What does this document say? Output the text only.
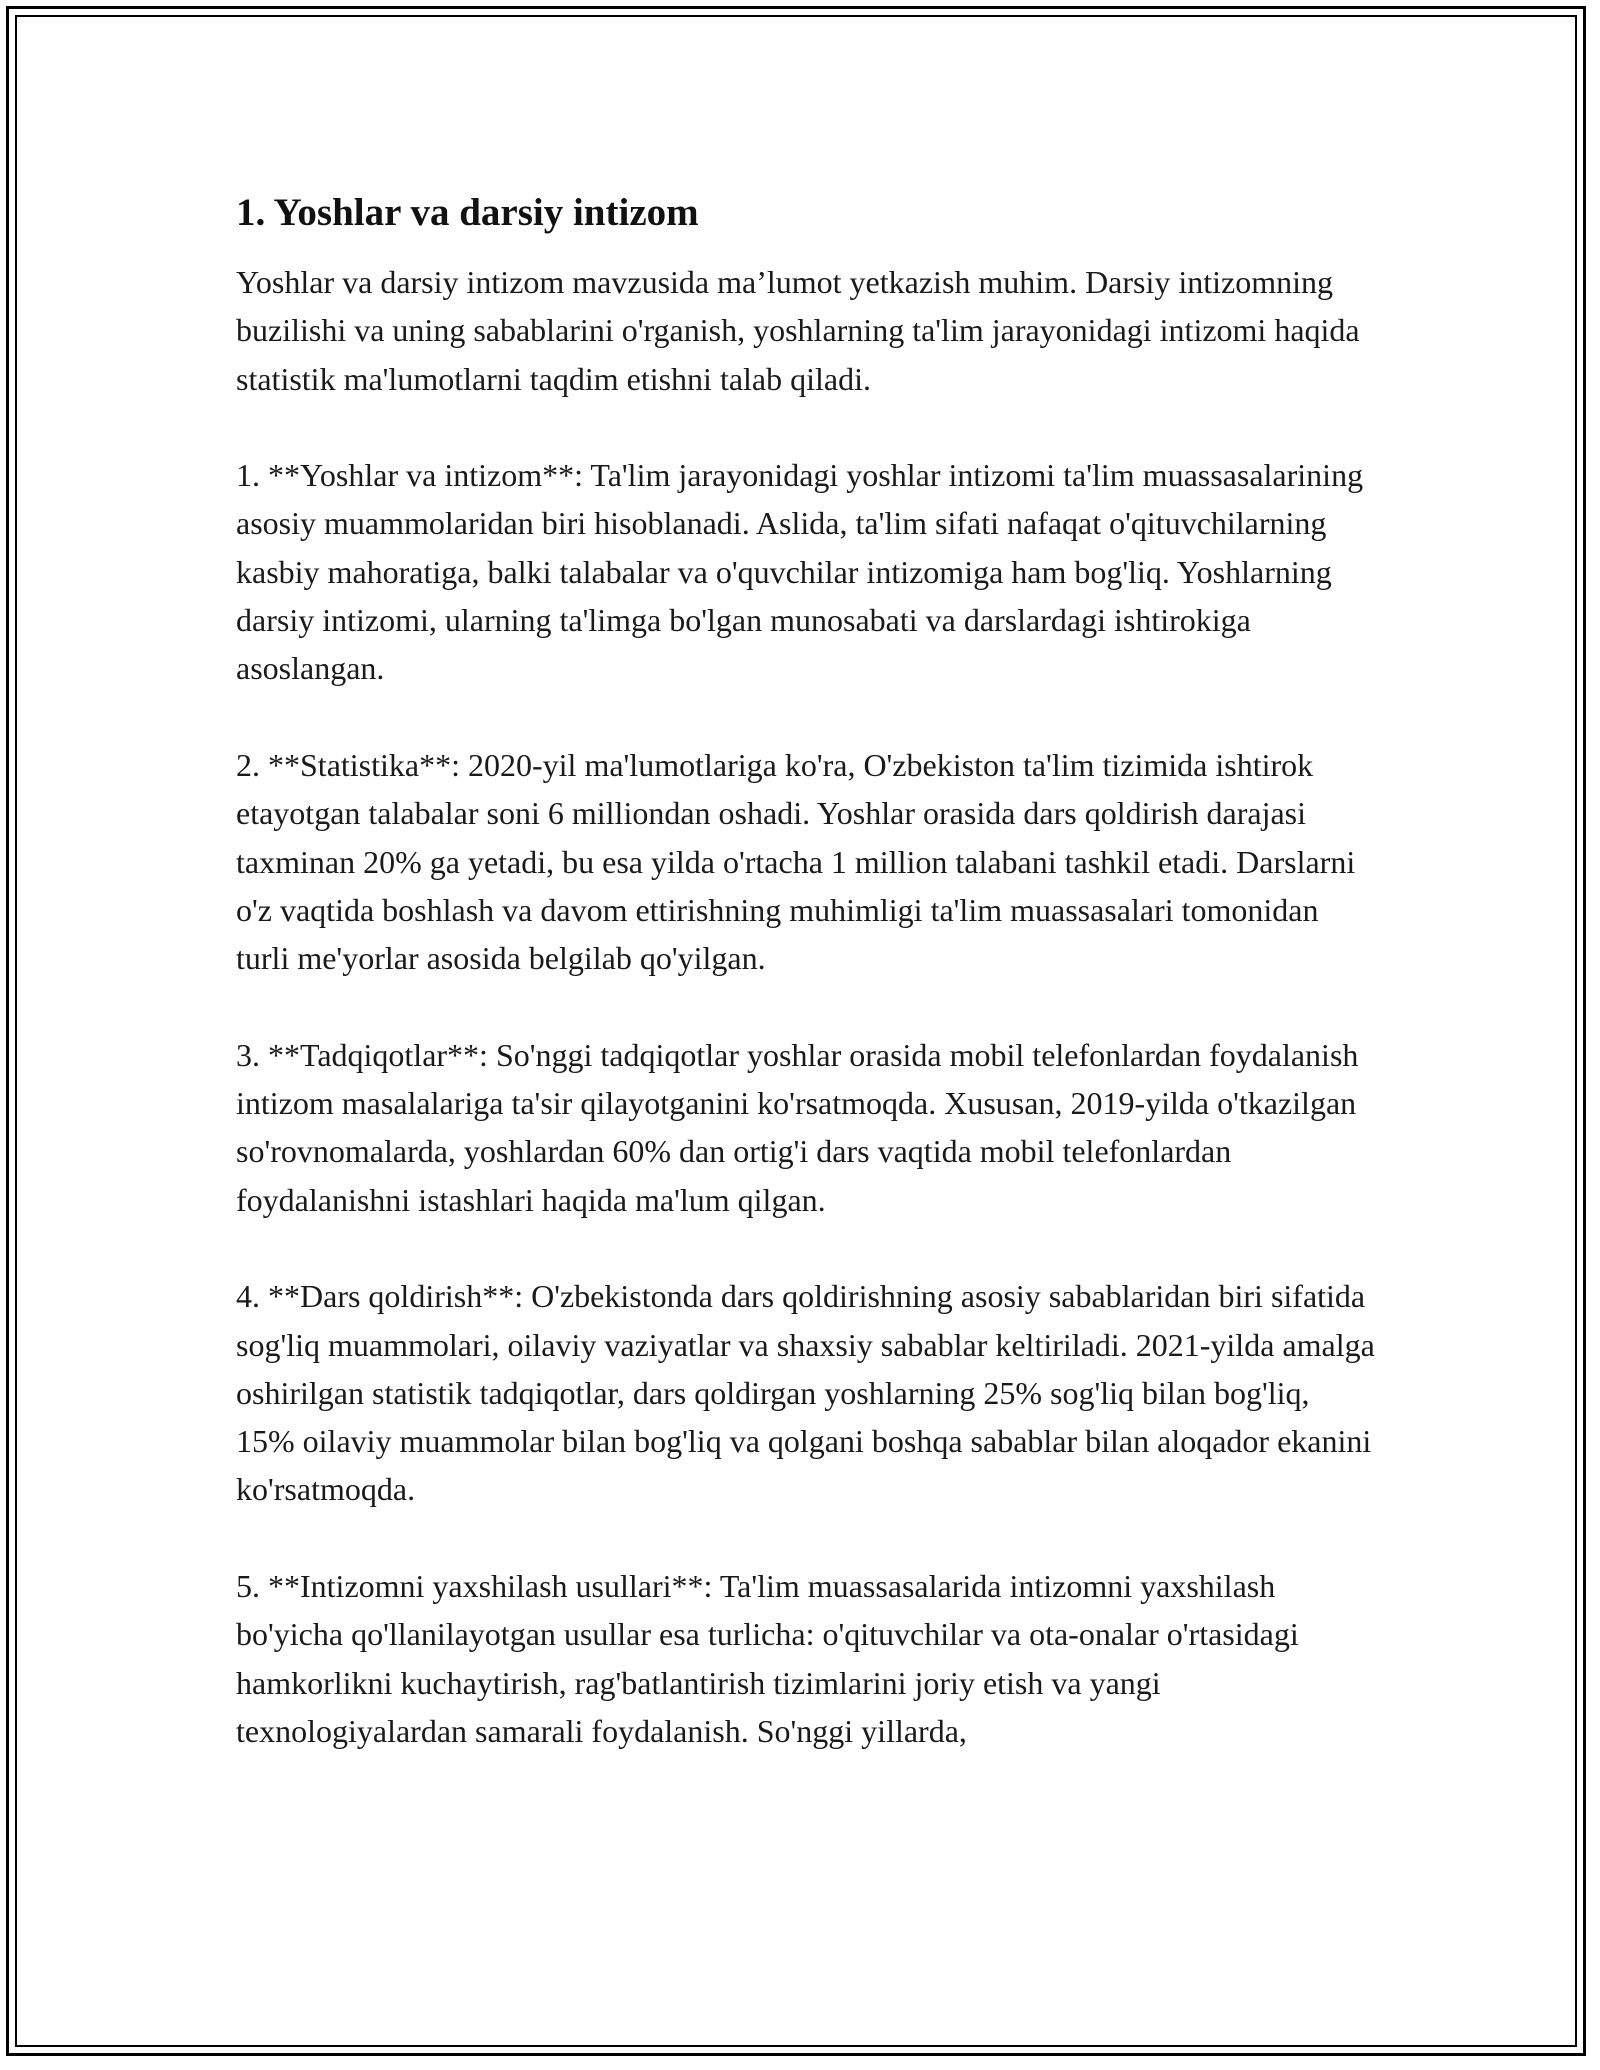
1. Yoshlar va darsiy intizom

Yoshlar va darsiy intizom mavzusida ma’lumot yetkazish muhim. Darsiy intizomning buzilishi va uning sabablarini o'rganish, yoshlarning ta'lim jarayonidagi intizomi haqida statistik ma'lumotlarni taqdim etishni talab qiladi.

1. **Yoshlar va intizom**: Ta'lim jarayonidagi yoshlar intizomi ta'lim muassasalarining asosiy muammolaridan biri hisoblanadi. Aslida, ta'lim sifati nafaqat o'qituvchilarning kasbiy mahoratiga, balki talabalar va o'quvchilar intizomiga ham bog'liq. Yoshlarning darsiy intizomi, ularning ta'limga bo'lgan munosabati va darslardagi ishtirokiga asoslangan.

2. **Statistika**: 2020-yil ma'lumotlariga ko'ra, O'zbekiston ta'lim tizimida ishtirok etayotgan talabalar soni 6 milliondan oshadi. Yoshlar orasida dars qoldirish darajasi taxminan 20% ga yetadi, bu esa yilda o'rtacha 1 million talabani tashkil etadi. Darslarni o'z vaqtida boshlash va davom ettirishning muhimligi ta'lim muassasalari tomonidan turli me'yorlar asosida belgilab qo'yilgan.

3. **Tadqiqotlar**: So'nggi tadqiqotlar yoshlar orasida mobil telefonlardan foydalanish intizom masalalariga ta'sir qilayotganini ko'rsatmoqda. Xususan, 2019-yilda o'tkazilgan so'rovnomalarda, yoshlardan 60% dan ortig'i dars vaqtida mobil telefonlardan foydalanishni istashlari haqida ma'lum qilgan.

4. **Dars qoldirish**: O'zbekistonda dars qoldirishning asosiy sabablaridan biri sifatida sog'liq muammolari, oilaviy vaziyatlar va shaxsiy sabablar keltiriladi. 2021-yilda amalga oshirilgan statistik tadqiqotlar, dars qoldirgan yoshlarning 25% sog'liq bilan bog'liq, 15% oilaviy muammolar bilan bog'liq va qolgani boshqa sabablar bilan aloqador ekanini ko'rsatmoqda.

5. **Intizomni yaxshilash usullari**: Ta'lim muassasalarida intizomni yaxshilash bo'yicha qo'llanilayotgan usullar esa turlicha: o'qituvchilar va ota-onalar o'rtasidagi hamkorlikni kuchaytirish, rag'batlantirish tizimlarini joriy etish va yangi texnologiyalardan samarali foydalanish. So'nggi yillarda,
